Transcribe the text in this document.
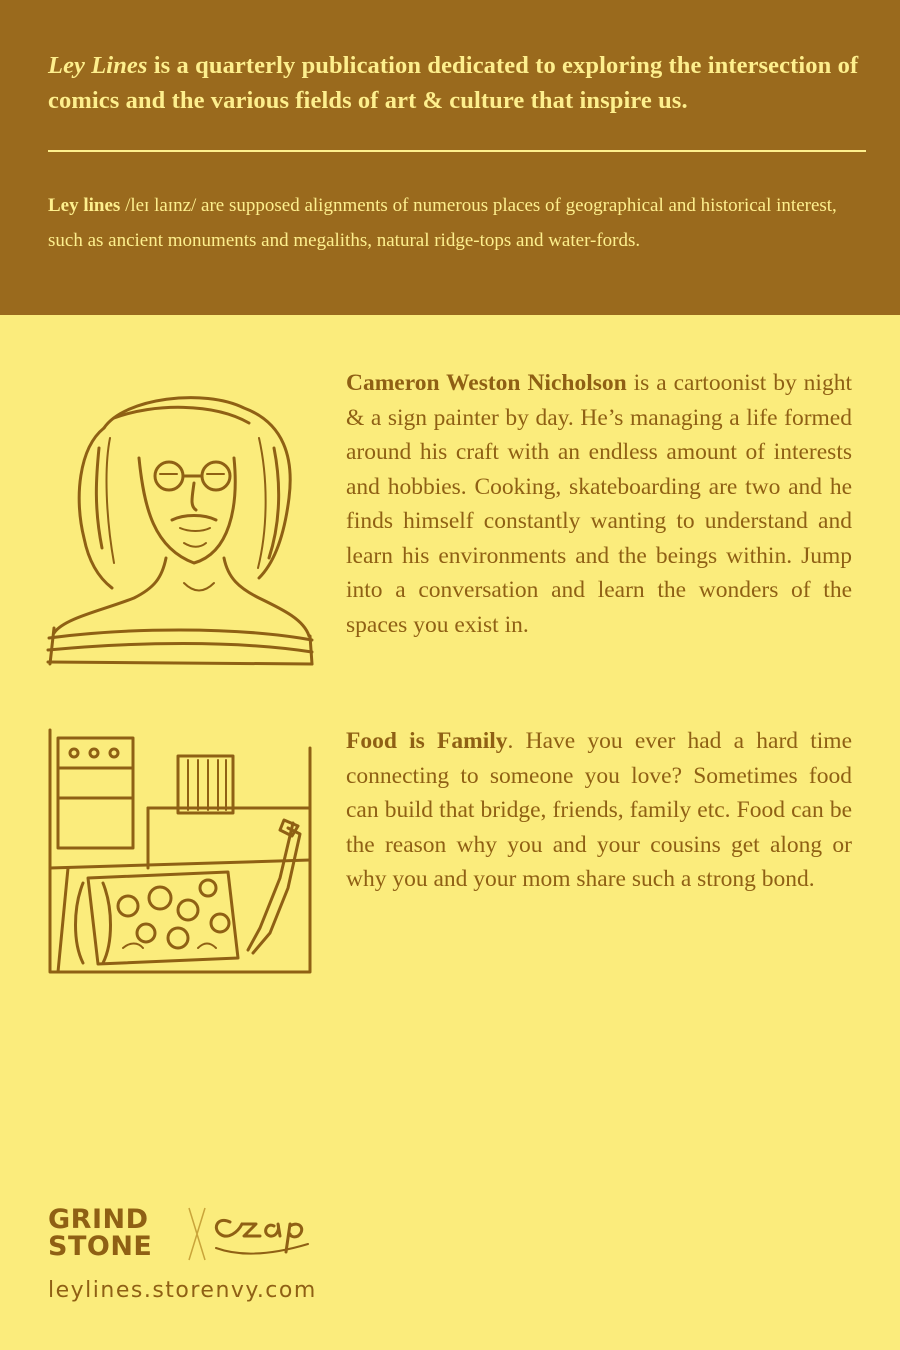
Ley Lines is a quarterly publication dedicated to exploring the intersection of comics and the various fields of art & culture that inspire us.
Ley lines /leɪ laɪnz/ are supposed alignments of numerous places of geographical and historical interest, such as ancient monuments and megaliths, natural ridge-tops and water-fords.
Cameron Weston Nicholson is a cartoonist by night & a sign painter by day. He’s managing a life formed around his craft with an endless amount of interests and hobbies. Cooking, skateboarding are two and he finds himself constantly wanting to understand and learn his environments and the beings within. Jump into a conversation and learn the wonders of the spaces you exist in.
Food is Family. Have you ever had a hard time connecting to someone you love? Sometimes food can build that bridge, friends, family etc. Food can be the reason why you and your cousins get along or why you and your mom share such a strong bond.
GRIND
STONE
leylines.storenvy.com
